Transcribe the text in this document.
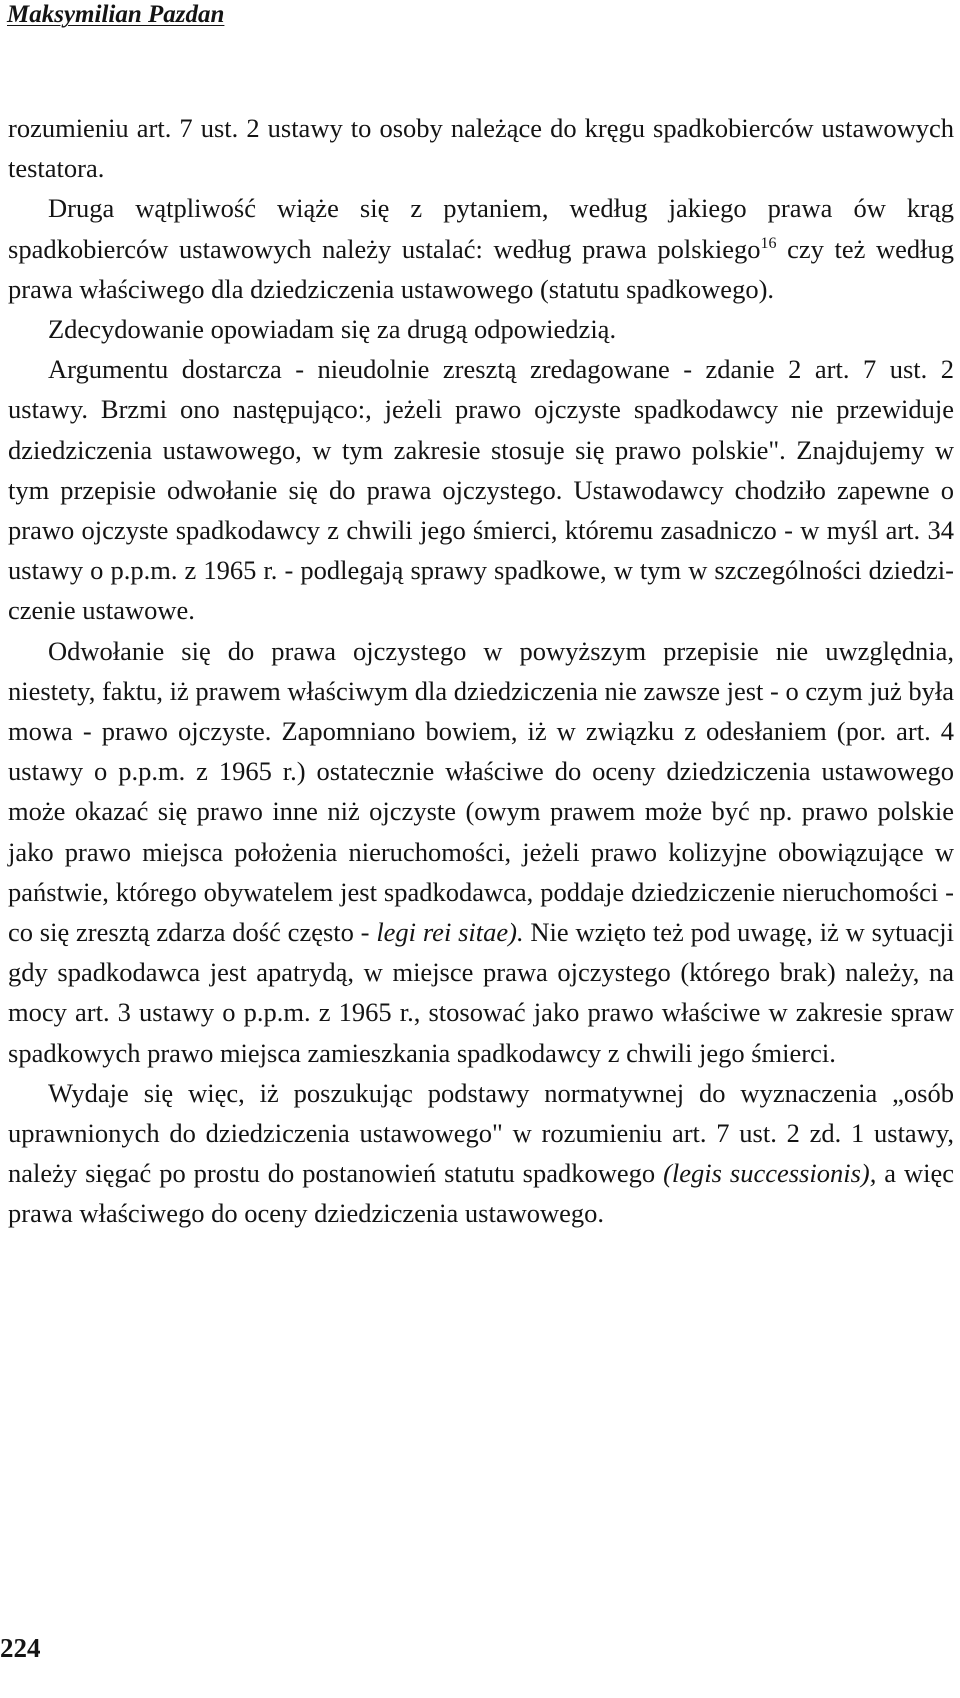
Maksymilian Pazdan

rozumieniu art. 7 ust. 2 ustawy to osoby należące do kręgu spadkobierców ustawowych testatora.

Druga wątpliwość wiąże się z pytaniem, według jakiego prawa ów krąg spadkobierców ustawowych należy ustalać: według prawa polskiego$^{16}$ czy też według prawa właściwego dla dziedziczenia ustawowego (statutu spadkowego).

Zdecydowanie opowiadam się za drugą odpowiedzią.

Argumentu dostarcza - nieudolnie zresztą zredagowane - zdanie 2 art. 7 ust. 2 ustawy. Brzmi ono następująco:, jeżeli prawo ojczyste spadkodawcy nie przewiduje dziedziczenia ustawowego, w tym zakresie stosuje się prawo polskie". Znajdujemy w tym przepisie odwołanie się do prawa ojczystego. Ustawodawcy chodziło zapewne o prawo ojczyste spadkodawcy z chwili jego śmierci, któremu zasadniczo - w myśl art. 34 ustawy o p.p.m. z 1965 r. - podlegają sprawy spadkowe, w tym w szczególności dziedziczenie ustawowe.

Odwołanie się do prawa ojczystego w powyższym przepisie nie uwzględnia, niestety, faktu, iż prawem właściwym dla dziedziczenia nie zawsze jest - o czym już była mowa - prawo ojczyste. Zapomniano bowiem, iż w związku z odesłaniem (por. art. 4 ustawy o p.p.m. z 1965 r.) ostatecznie właściwe do oceny dziedziczenia ustawowego może okazać się prawo inne niż ojczyste (owym prawem może być np. prawo polskie jako prawo miejsca położenia nieruchomości, jeżeli prawo kolizyjne obowiązujące w państwie, którego obywatelem jest spadkodawca, poddaje dziedziczenie nieruchomości - co się zresztą zdarza dość często - legi rei sitae). Nie wzięto też pod uwagę, iż w sytuacji gdy spadkodawca jest apatrydą, w miejsce prawa ojczystego (którego brak) należy, na mocy art. 3 ustawy o p.p.m. z 1965 r., stosować jako prawo właściwe w zakresie spraw spadkowych prawo miejsca zamieszkania spadkodawcy z chwili jego śmierci.

Wydaje się więc, iż poszukując podstawy normatywnej do wyznaczenia „osób uprawnionych do dziedziczenia ustawowego" w rozumieniu art. 7 ust. 2 zd. 1 ustawy, należy sięgać po prostu do postanowień statutu spadkowego (legis successionis), a więc prawa właściwego do oceny dziedziczenia ustawowego.

224
